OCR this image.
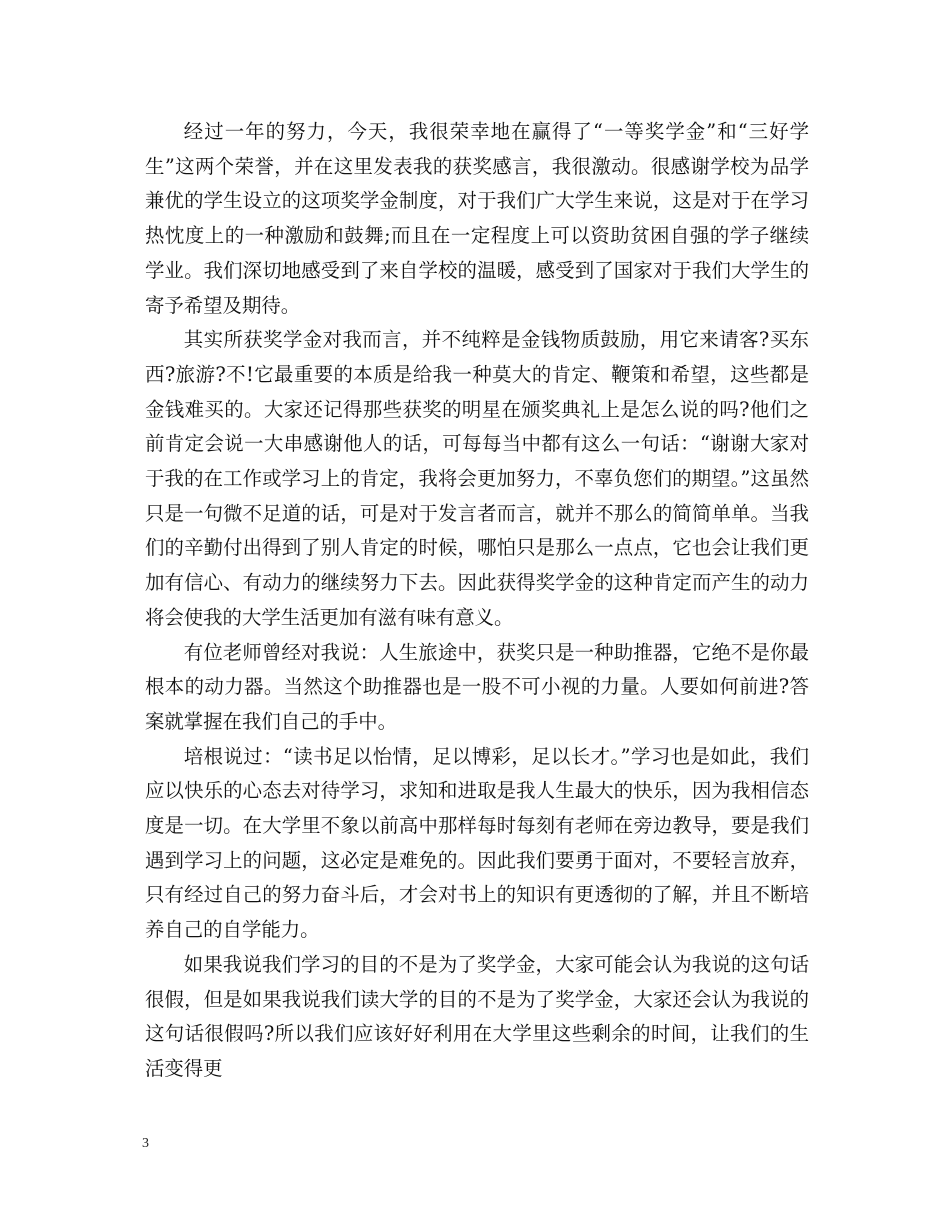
经过一年的努力，今天，我很荣幸地在赢得了“一等奖学金”和“三好学生”这两个荣誉，并在这里发表我的获奖感言，我很激动。很感谢学校为品学兼优的学生设立的这项奖学金制度，对于我们广大学生来说，这是对于在学习热忱度上的一种激励和鼓舞;而且在一定程度上可以资助贫困自强的学子继续学业。我们深切地感受到了来自学校的温暖，感受到了国家对于我们大学生的寄予希望及期待。

其实所获奖学金对我而言，并不纯粹是金钱物质鼓励，用它来请客?买东西?旅游?不!它最重要的本质是给我一种莫大的肯定、鞭策和希望，这些都是金钱难买的。大家还记得那些获奖的明星在颁奖典礼上是怎么说的吗?他们之前肯定会说一大串感谢他人的话，可每每当中都有这么一句话：“谢谢大家对于我的在工作或学习上的肯定，我将会更加努力，不辜负您们的期望。”这虽然只是一句微不足道的话，可是对于发言者而言，就并不那么的简简单单。当我们的辛勤付出得到了别人肯定的时候，哪怕只是那么一点点，它也会让我们更加有信心、有动力的继续努力下去。因此获得奖学金的这种肯定而产生的动力将会使我的大学生活更加有滋有味有意义。

有位老师曾经对我说：人生旅途中，获奖只是一种助推器，它绝不是你最根本的动力器。当然这个助推器也是一股不可小视的力量。人要如何前进?答案就掌握在我们自己的手中。

培根说过：“读书足以怡情，足以博彩，足以长才。”学习也是如此，我们应以快乐的心态去对待学习，求知和进取是我人生最大的快乐，因为我相信态度是一切。在大学里不象以前高中那样每时每刻有老师在旁边教导，要是我们遇到学习上的问题，这必定是难免的。因此我们要勇于面对，不要轻言放弃，只有经过自己的努力奋斗后，才会对书上的知识有更透彻的了解，并且不断培养自己的自学能力。

如果我说我们学习的目的不是为了奖学金，大家可能会认为我说的这句话很假，但是如果我说我们读大学的目的不是为了奖学金，大家还会认为我说的这句话很假吗?所以我们应该好好利用在大学里这些剩余的时间，让我们的生活变得更

3
